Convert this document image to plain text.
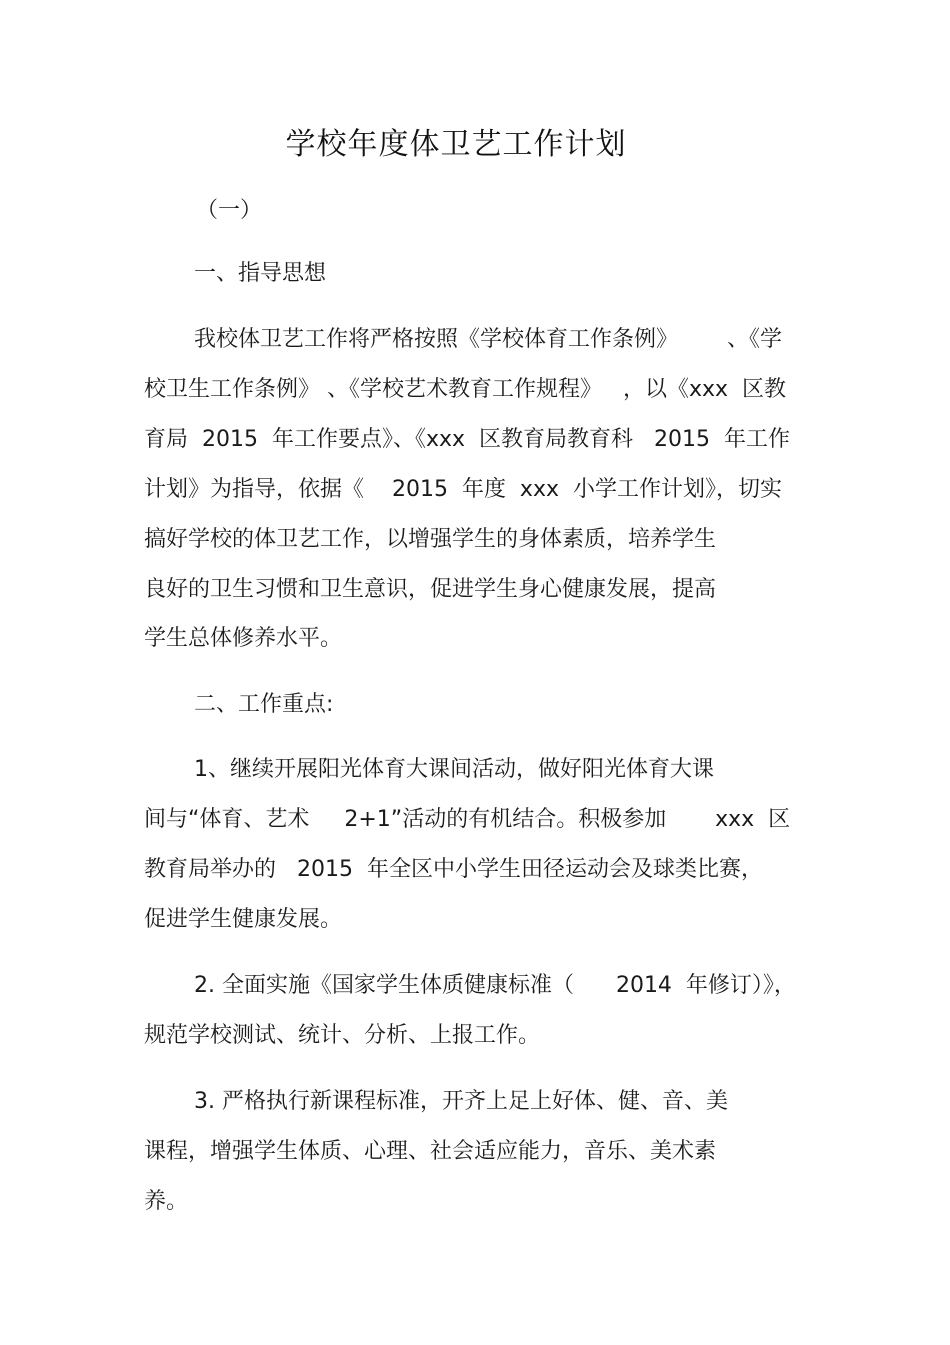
学校年度体卫艺工作计划
（一）
一、指导思想
我校体卫艺工作将严格按照《学校体育工作条例》       、《学
校卫生工作条例》 、《学校艺术教育工作规程》   ，以《xxx  区教
育局  2015  年工作要点》、《xxx  区教育局教育科   2015  年工作
计划》为指导，依据《    2015  年度  xxx  小学工作计划》，切实
搞好学校的体卫艺工作，以增强学生的身体素质，培养学生
良好的卫生习惯和卫生意识，促进学生身心健康发展，提高
学生总体修养水平。
二、工作重点:
1、继续开展阳光体育大课间活动，做好阳光体育大课
间与“体育、艺术     2+1”活动的有机结合。积极参加       xxx  区
教育局举办的   2015  年全区中小学生田径运动会及球类比赛，
促进学生健康发展。
2. 全面实施《国家学生体质健康标准（      2014  年修订）》，
规范学校测试、统计、分析、上报工作。
3. 严格执行新课程标准，开齐上足上好体、健、音、美
课程，增强学生体质、心理、社会适应能力，音乐、美术素
养。
